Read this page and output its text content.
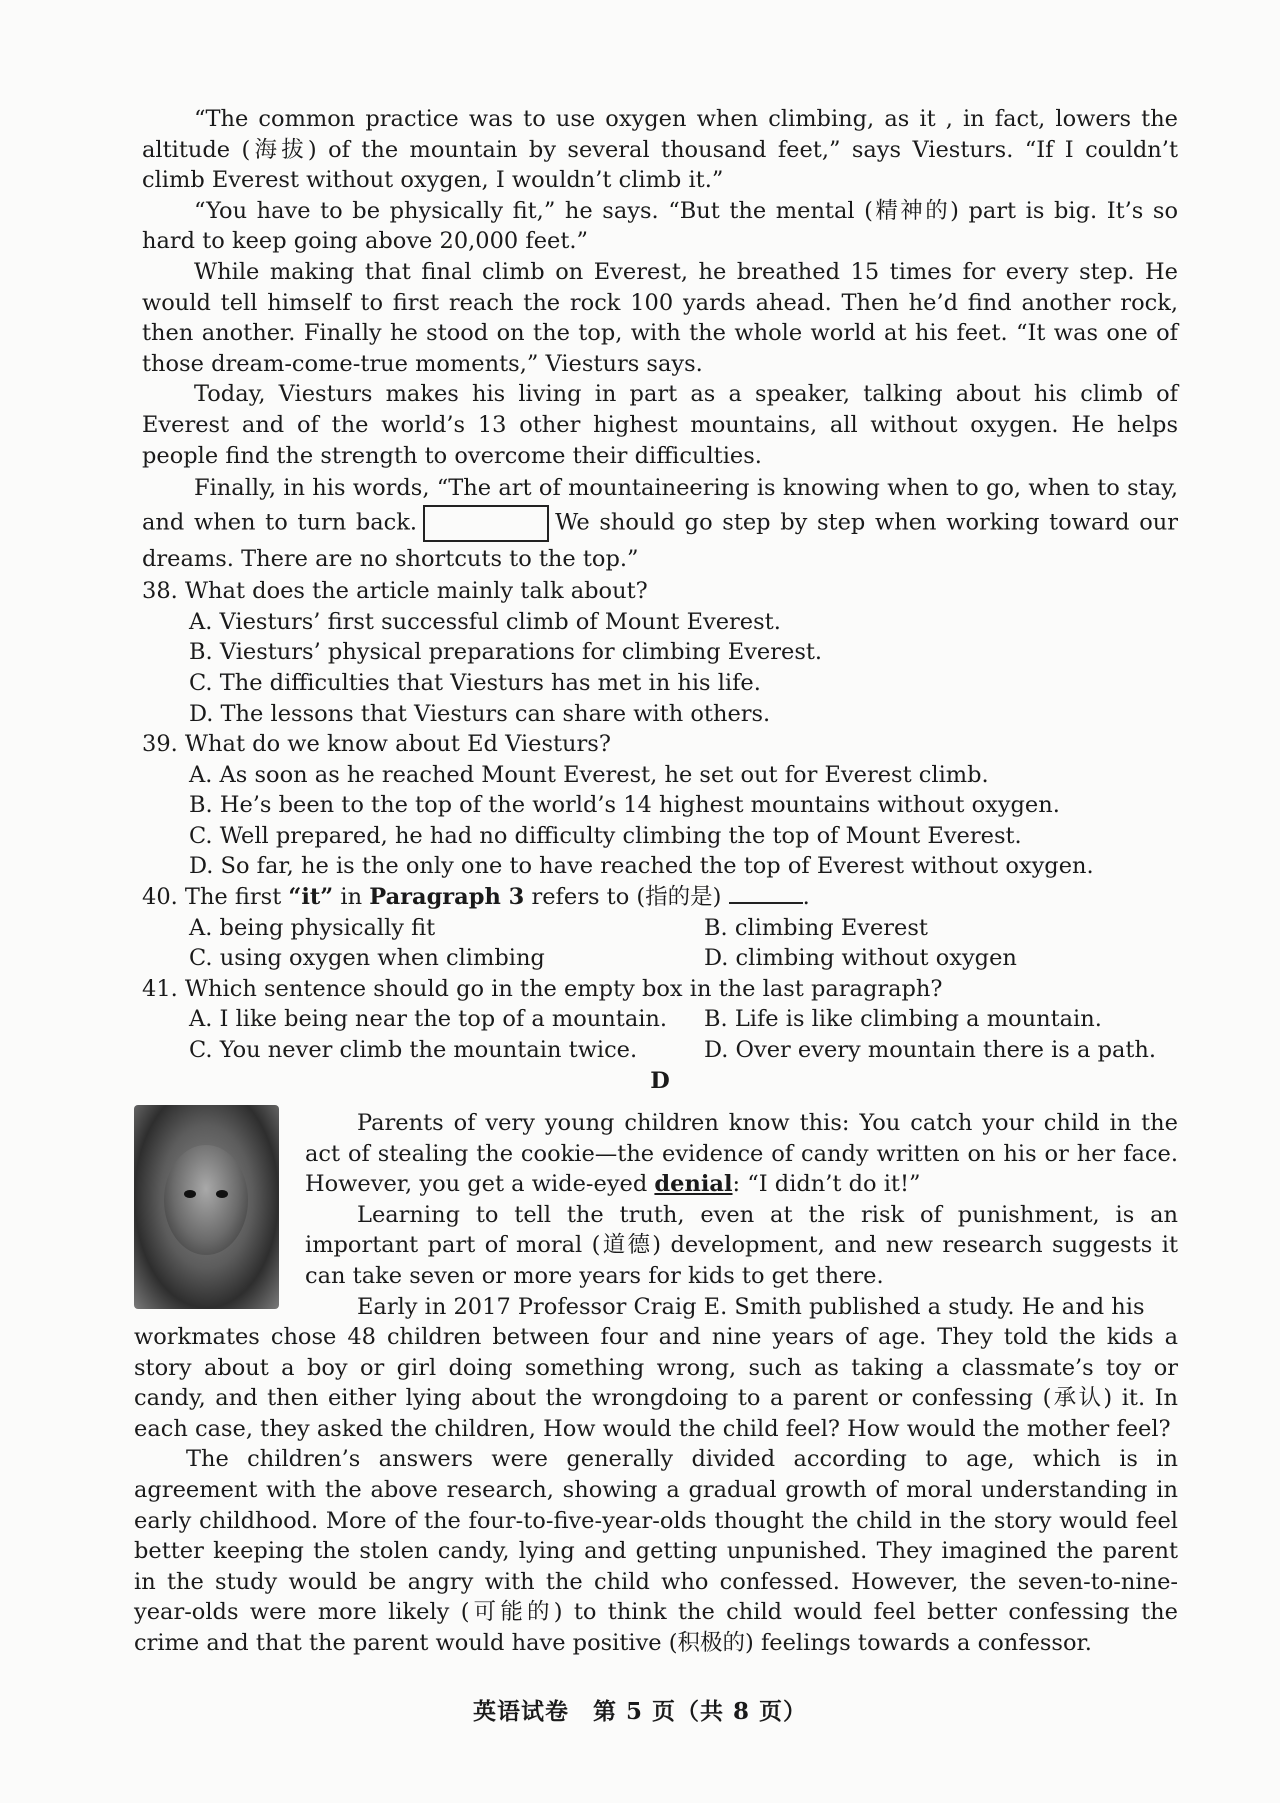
“The common practice was to use oxygen when climbing, as it , in fact, lowers the altitude (海拔) of the mountain by several thousand feet,” says Viesturs. “If I couldn’t climb Everest without oxygen, I wouldn’t climb it.”

“You have to be physically fit,” he says. “But the mental (精神的) part is big. It’s so hard to keep going above 20,000 feet.”

While making that final climb on Everest, he breathed 15 times for every step. He would tell himself to first reach the rock 100 yards ahead. Then he’d find another rock, then another. Finally he stood on the top, with the whole world at his feet. “It was one of those dream-come-true moments,” Viesturs says.

Today, Viesturs makes his living in part as a speaker, talking about his climb of Everest and of the world’s 13 other highest mountains, all without oxygen. He helps people find the strength to overcome their difficulties.

Finally, in his words, “The art of mountaineering is knowing when to go, when to stay, and when to turn back.	We should go step by step when working toward our dreams. There are no shortcuts to the top.”

38. What does the article mainly talk about?

A. Viesturs’ first successful climb of Mount Everest.

B. Viesturs’ physical preparations for climbing Everest.

C. The difficulties that Viesturs has met in his life.

D. The lessons that Viesturs can share with others.

39. What do we know about Ed Viesturs?

A. As soon as he reached Mount Everest, he set out for Everest climb.

B. He’s been to the top of the world’s 14 highest mountains without oxygen.

C. Well prepared, he had no difficulty climbing the top of Mount Everest.

D. So far, he is the only one to have reached the top of Everest without oxygen.

40. The first “it” in Paragraph 3 refers to (指的是)	.

A. being physically fit	B. climbing Everest

C. using oxygen when climbing	D. climbing without oxygen

41. Which sentence should go in the empty box in the last paragraph?

A. I like being near the top of a mountain.	B. Life is like climbing a mountain.

C. You never climb the mountain twice.	D. Over every mountain there is a path.

D

Parents of very young children know this: You catch your child in the act of stealing the cookie—the evidence of candy written on his or her face. However, you get a wide-eyed denial: “I didn’t do it!”

Learning to tell the truth, even at the risk of punishment, is an important part of moral (道德) development, and new research suggests it can take seven or more years for kids to get there.

Early in 2017 Professor Craig E. Smith published a study. He and his

workmates chose 48 children between four and nine years of age. They told the kids a story about a boy or girl doing something wrong, such as taking a classmate’s toy or candy, and then either lying about the wrongdoing to a parent or confessing (承认) it. In each case, they asked the children, How would the child feel? How would the mother feel?

The children’s answers were generally divided according to age, which is in agreement with the above research, showing a gradual growth of moral understanding in early childhood. More of the four-to-five-year-olds thought the child in the story would feel better keeping the stolen candy, lying and getting unpunished. They imagined the parent in the study would be angry with the child who confessed. However, the seven-to-nine-year-olds were more likely (可能的) to think the child would feel better confessing the crime and that the parent would have positive (积极的) feelings towards a confessor.

英语试卷　第 5 页（共 8 页）
